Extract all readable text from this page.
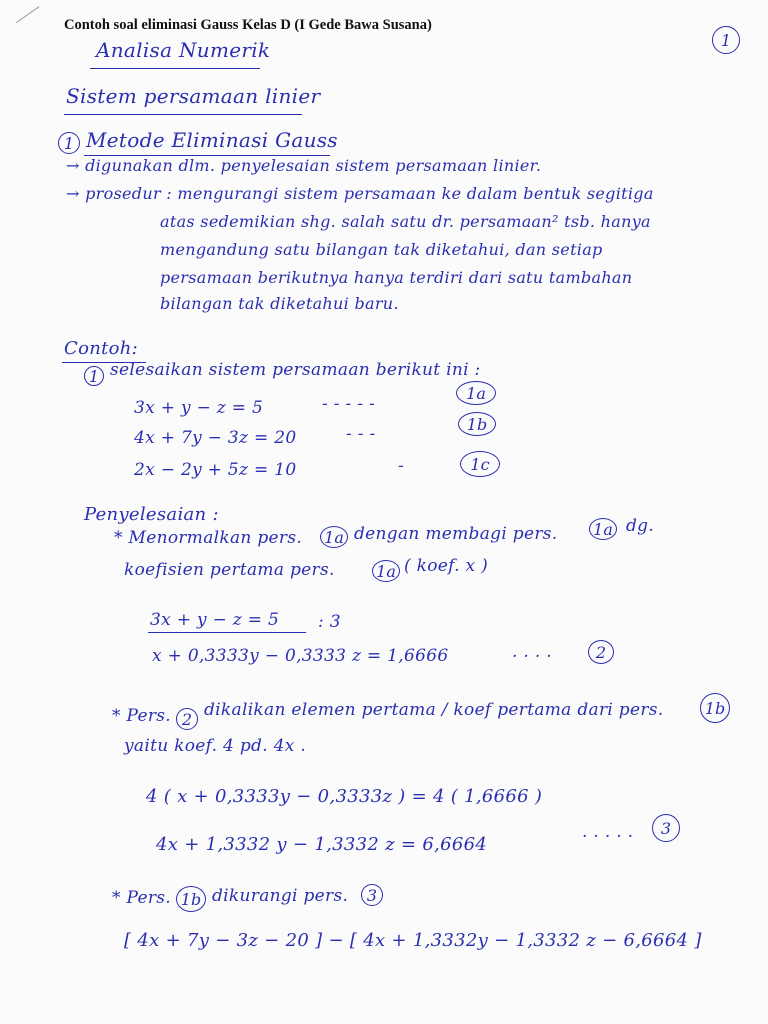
Contoh soal eliminasi Gauss Kelas D (I Gede Bawa Susana)
1
Analisa Numerik
Sistem persamaan linier
1 Metode Eliminasi Gauss
→ digunakan dlm. penyelesaian sistem persamaan linier.
→ prosedur : mengurangi sistem persamaan ke dalam bentuk segitiga
atas sedemikian shg. salah satu dr. persamaan² tsb. hanya
mengandung satu bilangan tak diketahui, dan setiap
persamaan berikutnya hanya terdiri dari satu tambahan
bilangan tak diketahui baru.
Contoh:
1 selesaikan sistem persamaan berikut ini :
3x + y − z = 5	- - - - -
1a
4x + 7y − 3z = 20	- - -	1b
2x − 2y + 5z = 10	-	1c
Penyelesaian :
* Menormalkan pers. 1a dengan membagi pers. 1a dg.
koefisien pertama pers.	1a ( koef. x )
3x + y − z = 5 : 3
x + 0,3333y − 0,3333 z = 1,6666	. . . .	2
* Pers. 2 dikalikan elemen pertama / koef pertama dari pers.	1b
yaitu koef. 4 pd. 4x .
4 ( x + 0,3333y − 0,3333z ) = 4 ( 1,6666 )
4x + 1,3332 y − 1,3332 z = 6,6664
. . . . .	3
* Pers. 1b dikurangi pers.	3
[ 4x + 7y − 3z − 20 ] − [ 4x + 1,3332y − 1,3332 z − 6,6664 ]
